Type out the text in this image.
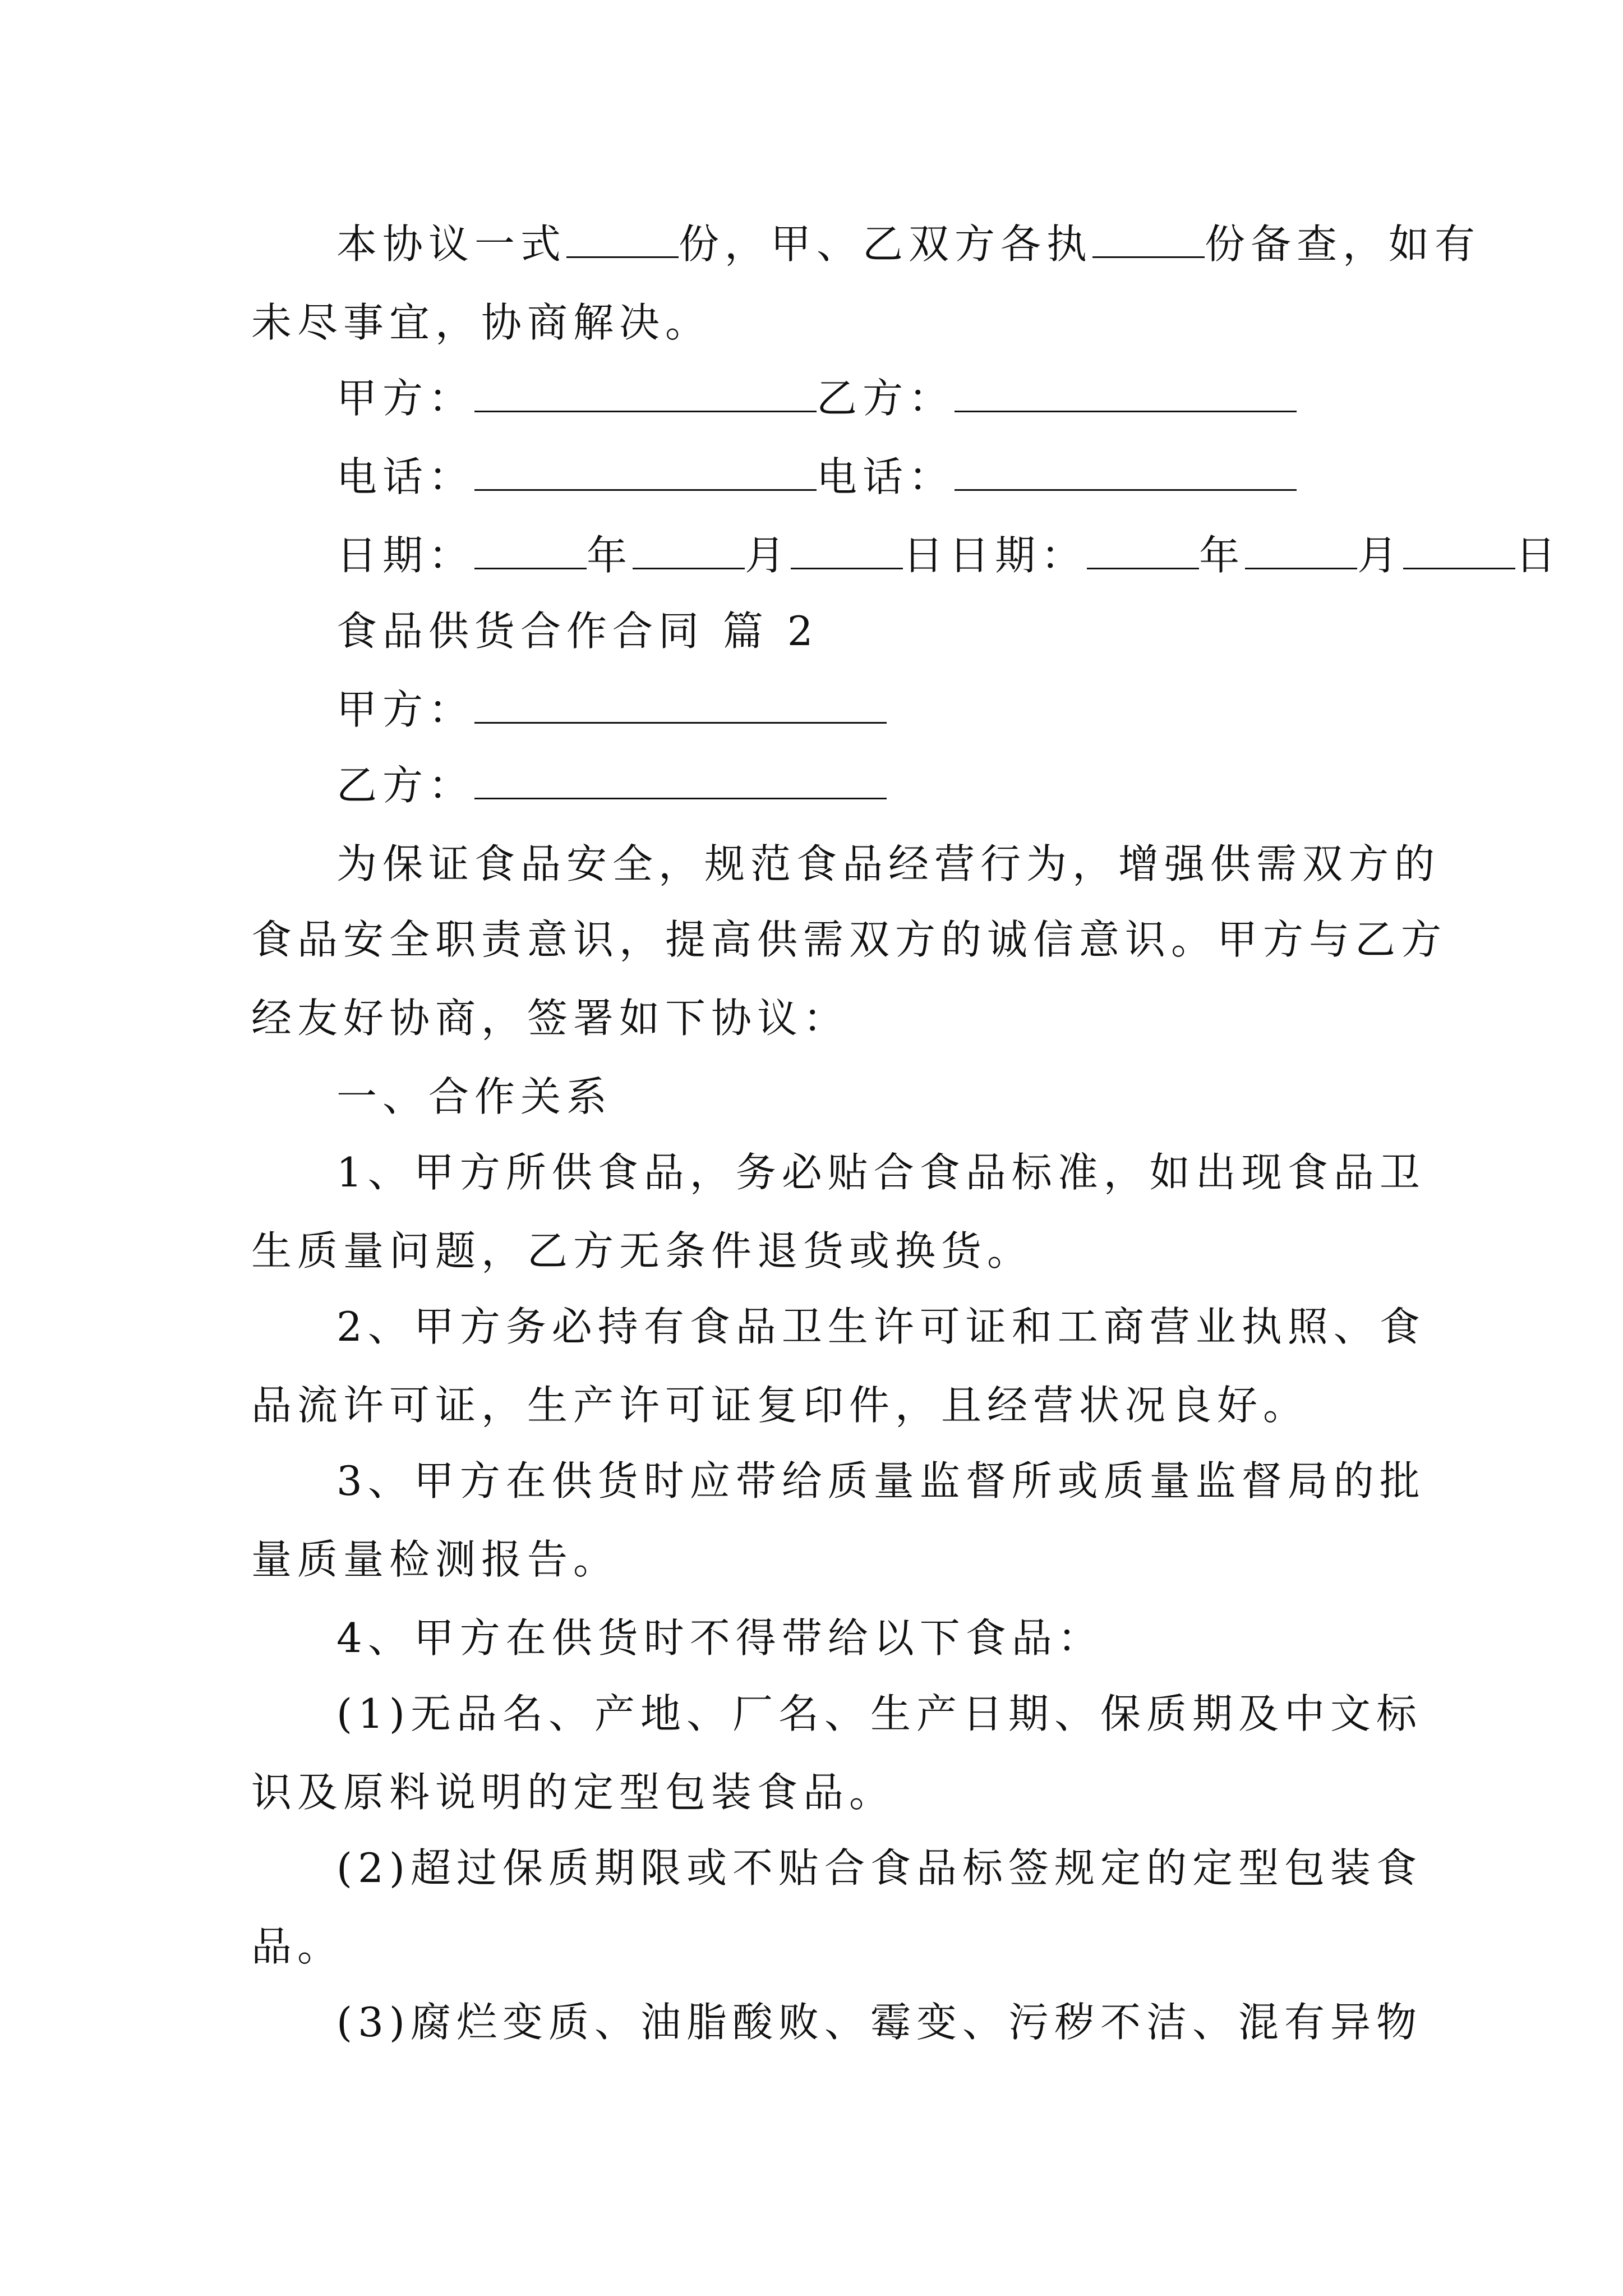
本协议一式	份，甲、乙双方各执	份备查，如有
未尽事宜，协商解决。
甲方：	乙方：
电话：	电话：
日期：	年	月	日日期：	年	月	日
食品供货合作合同 篇 2
甲方：
乙方：
为保证食品安全，规范食品经营行为，增强供需双方的
食品安全职责意识，提高供需双方的诚信意识。甲方与乙方
经友好协商，签署如下协议：
一、合作关系
1、甲方所供食品，务必贴合食品标准，如出现食品卫
生质量问题，乙方无条件退货或换货。
2、甲方务必持有食品卫生许可证和工商营业执照、食
品流许可证，生产许可证复印件，且经营状况良好。
3、甲方在供货时应带给质量监督所或质量监督局的批
量质量检测报告。
4、甲方在供货时不得带给以下食品：
(1)无品名、产地、厂名、生产日期、保质期及中文标
识及原料说明的定型包装食品。
(2)超过保质期限或不贴合食品标签规定的定型包装食
品。
(3)腐烂变质、油脂酸败、霉变、污秽不洁、混有异物
